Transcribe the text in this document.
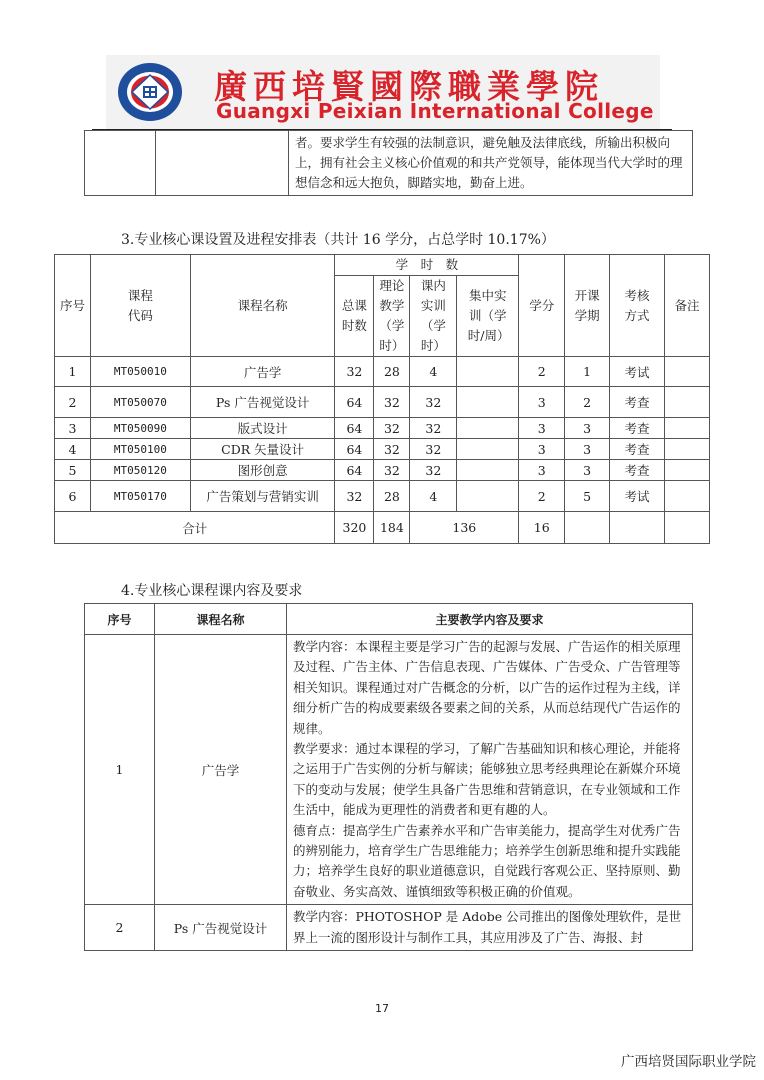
廣西培賢國際職業學院
Guangxi Peixian International College
		者。要求学生有较强的法制意识，避免触及法律底线，所输出积极向上，拥有社会主义核心价值观的和共产党领导，能体现当代大学时的理想信念和远大抱负，脚踏实地，勤奋上进。
3.专业核心课设置及进程安排表（共计 16 学分，占总学时 10.17%）
序号	课程代码	课程名称	学　时　数				学分	开课学期	考核方式	备注
			总课时数	理论教学（学时）	课内实训（学时）	集中实训（学时/周）				
1	MT050010	广告学	32	28	4		2	1	考试	
2	MT050070	Ps 广告视觉设计	64	32	32		3	2	考查	
3	MT050090	版式设计	64	32	32		3	3	考查	
4	MT050100	CDR 矢量设计	64	32	32		3	3	考查	
5	MT050120	图形创意	64	32	32		3	3	考查	
6	MT050170	广告策划与营销实训	32	28	4		2	5	考试	
合计			320	184	136		16			
4.专业核心课程课内容及要求
序号	课程名称	主要教学内容及要求
1	广告学	教学内容：本课程主要是学习广告的起源与发展、广告运作的相关原理及过程、广告主体、广告信息表现、广告媒体、广告受众、广告管理等相关知识。课程通过对广告概念的分析，以广告的运作过程为主线，详细分析广告的构成要素级各要素之间的关系，从而总结现代广告运作的规律。

教学要求：通过本课程的学习，了解广告基础知识和核心理论，并能将之运用于广告实例的分析与解读；能够独立思考经典理论在新媒介环境下的变动与发展；使学生具备广告思维和营销意识，在专业领域和工作生活中，能成为更理性的消费者和更有趣的人。

德育点：提高学生广告素养水平和广告审美能力，提高学生对优秀广告的辨别能力，培育学生广告思维能力；培养学生创新思维和提升实践能力；培养学生良好的职业道德意识，自觉践行客观公正、坚持原则、勤奋敬业、务实高效、谨慎细致等积极正确的价值观。

2	Ps 广告视觉设计	教学内容：PHOTOSHOP 是 Adobe 公司推出的图像处理软件，是世界上一流的图形设计与制作工具，其应用涉及了广告、海报、封

17
广西培贤国际职业学院
